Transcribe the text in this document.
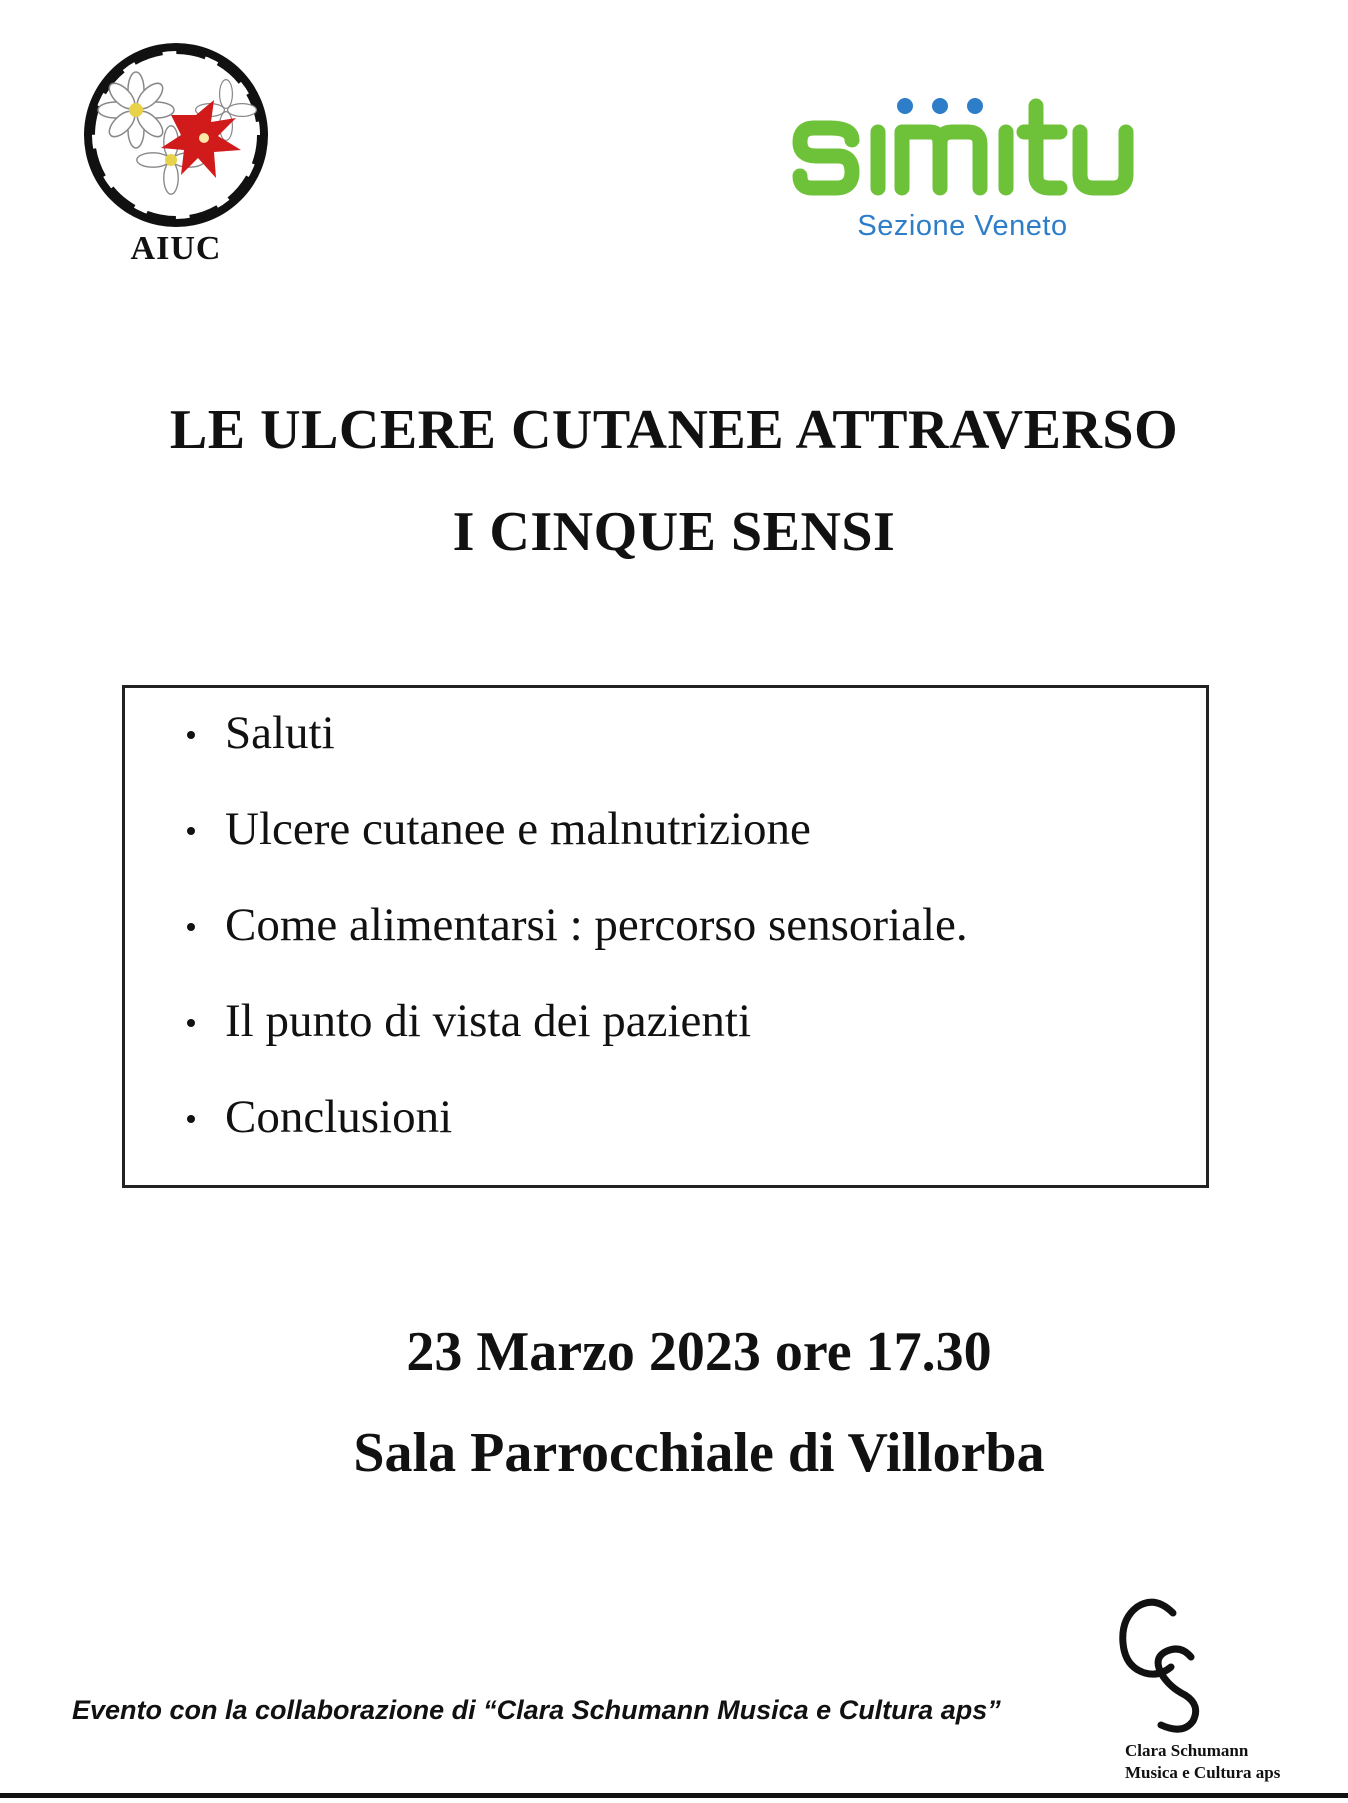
AIUC
Sezione Veneto
LE ULCERE CUTANEE ATTRAVERSO
I CINQUE SENSI
Saluti
Ulcere cutanee e malnutrizione
Come alimentarsi : percorso sensoriale.
Il punto di vista dei pazienti
Conclusioni
23 Marzo 2023 ore 17.30
Sala Parrocchiale di Villorba
Evento con la collaborazione di “Clara Schumann Musica e Cultura aps”
Clara Schumann
Musica e Cultura aps
